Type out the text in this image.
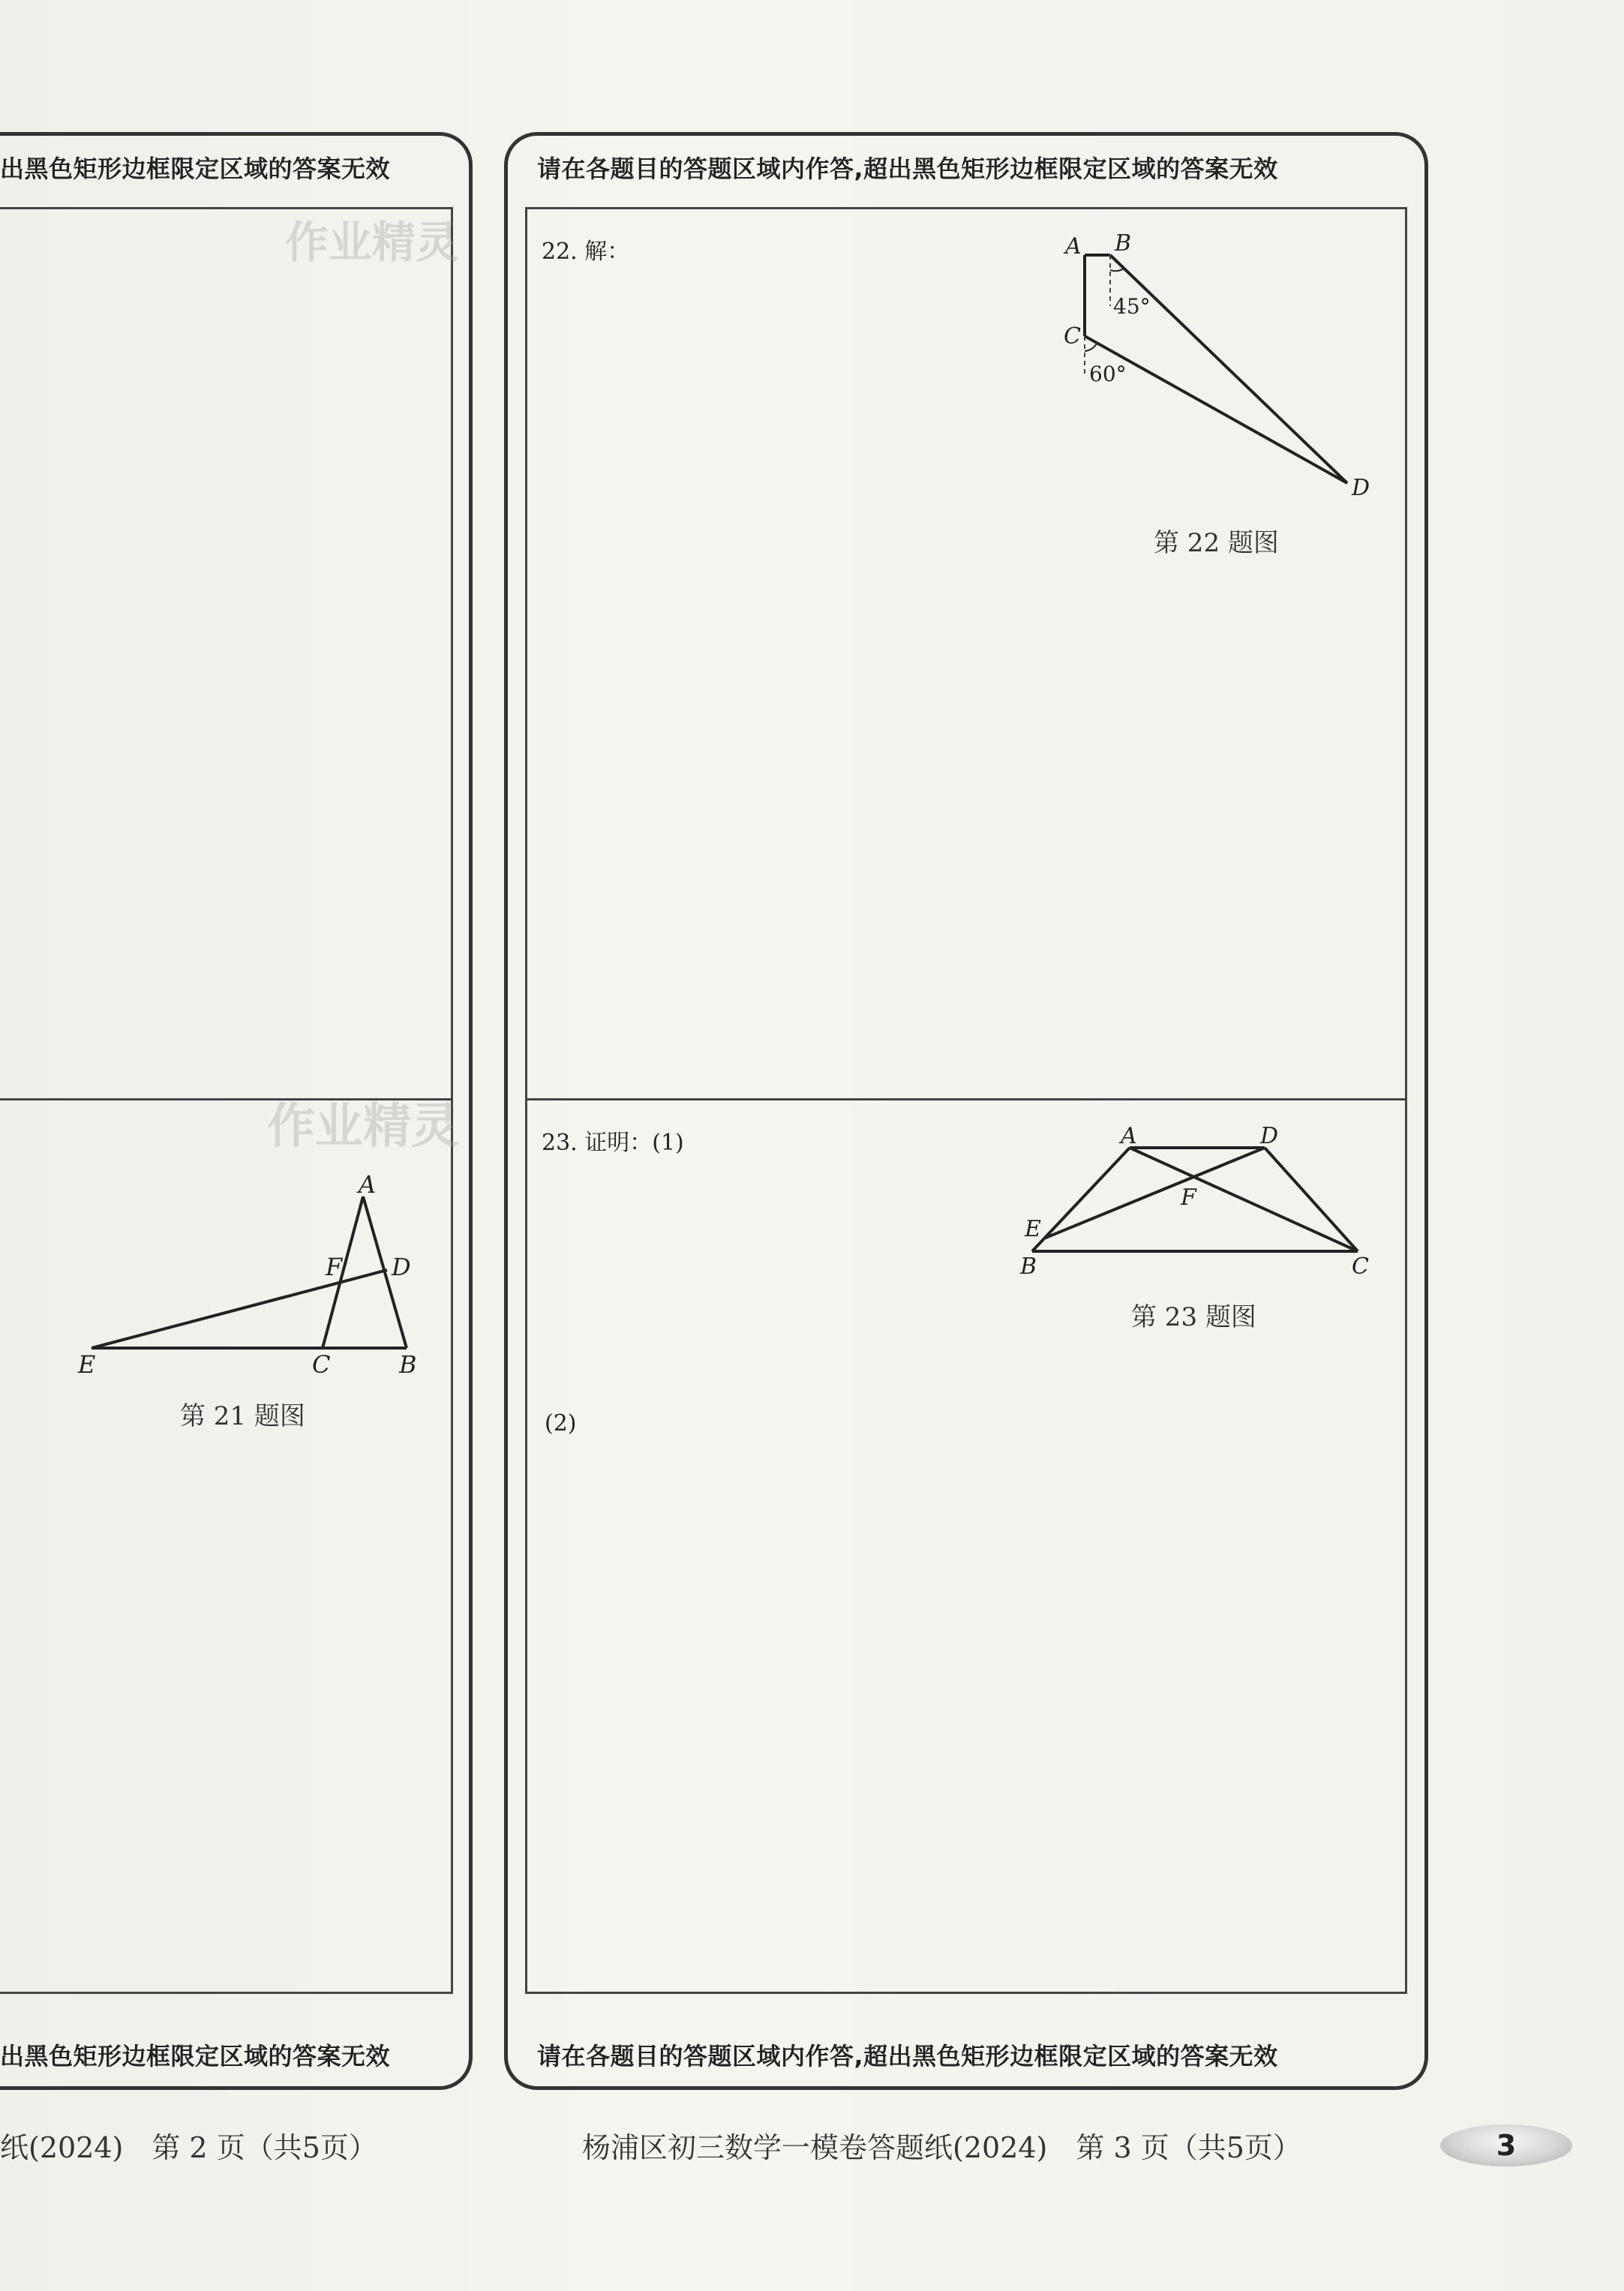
出黑色矩形边框限定区域的答案无效
出黑色矩形边框限定区域的答案无效
作业精灵
作业精灵
A
D
F
E	C	B
第 21 题图
纸(2024)　第 2 页（共5页）
请在各题目的答题区域内作答,超出黑色矩形边框限定区域的答案无效
请在各题目的答题区域内作答,超出黑色矩形边框限定区域的答案无效
22. 解：	A B
C
D
45°
60°
第 22 题图
23. 证明：(1)	A	D
E
F
B	C
第 23 题图
(2)
杨浦区初三数学一模卷答题纸(2024)　第 3 页（共5页）	3
